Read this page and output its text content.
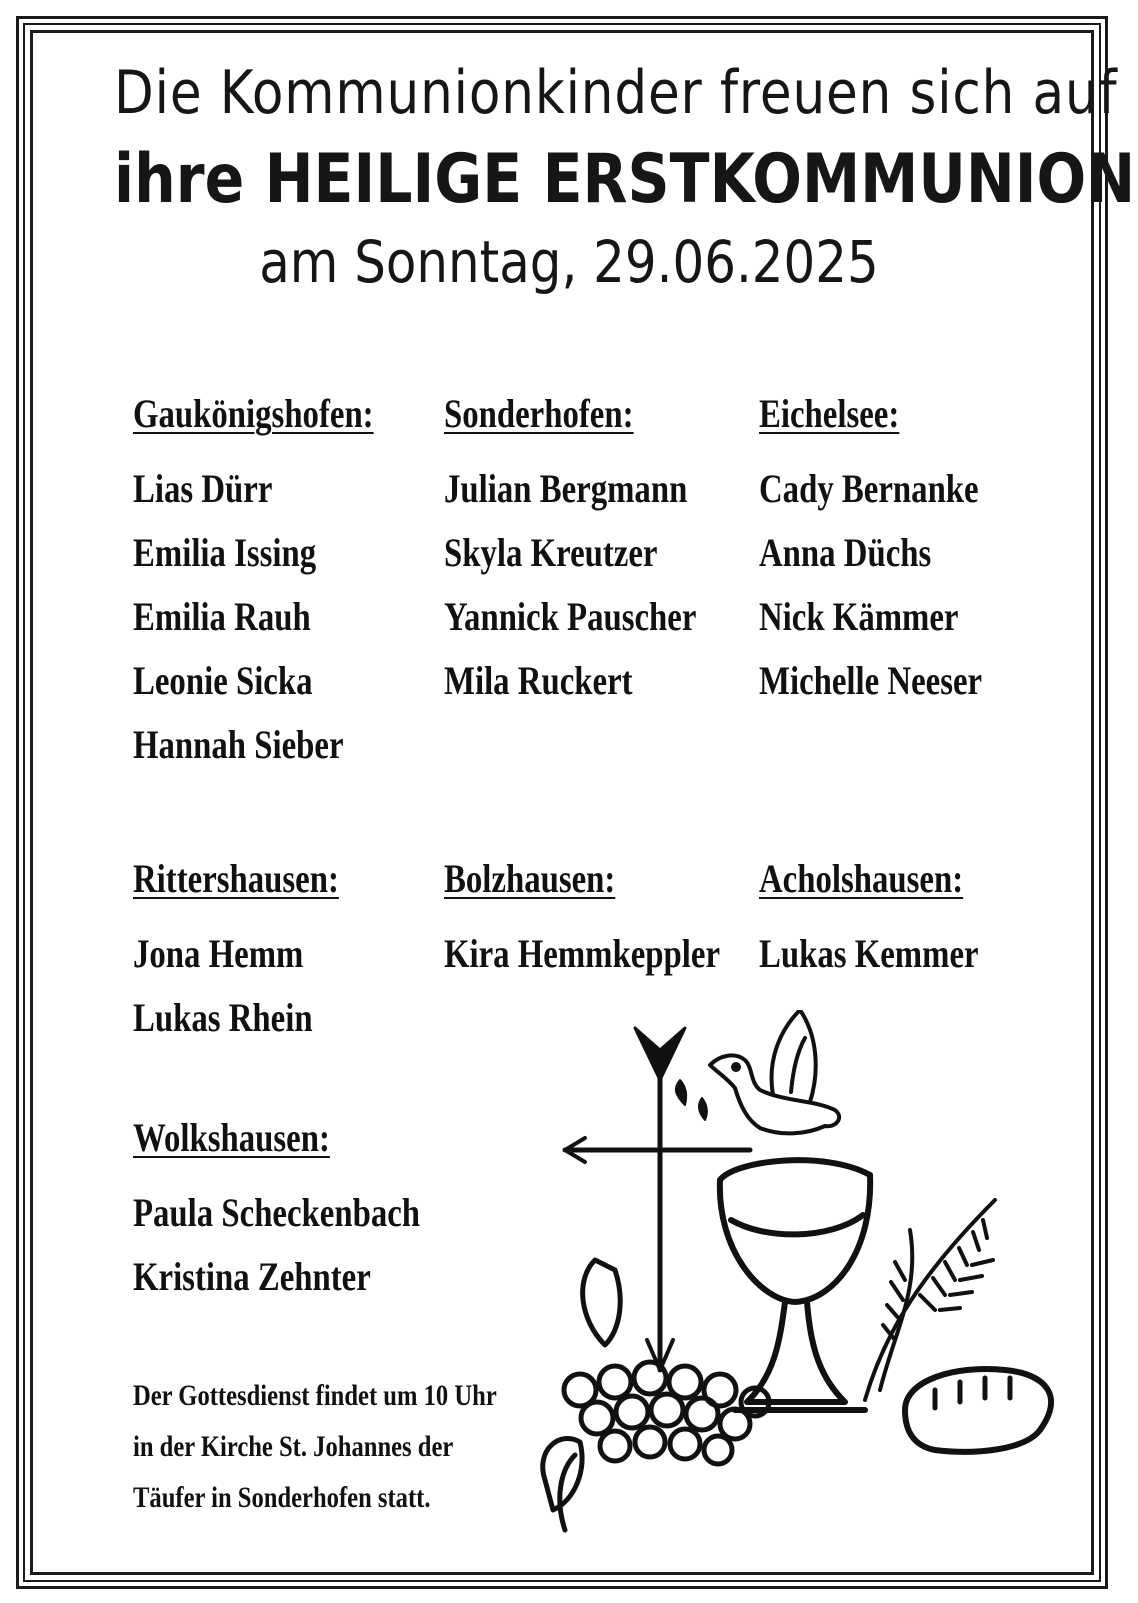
Die Kommunionkinder freuen sich auf
ihre HEILIGE ERSTKOMMUNION
am Sonntag, 29.06.2025
Gaukönigshofen:
Lias Dürr
Emilia Issing
Emilia Rauh
Leonie Sicka
Hannah Sieber
Sonderhofen:
Julian Bergmann
Skyla Kreutzer
Yannick Pauscher
Mila Ruckert
Eichelsee:
Cady Bernanke
Anna Düchs
Nick Kämmer
Michelle Neeser
Rittershausen:
Jona Hemm
Lukas Rhein
Bolzhausen:
Kira Hemmkeppler
Acholshausen:
Lukas Kemmer
Wolkshausen:
Paula Scheckenbach
Kristina Zehnter
Der Gottesdienst findet um 10 Uhr
in der Kirche St. Johannes der
Täufer in Sonderhofen statt.
